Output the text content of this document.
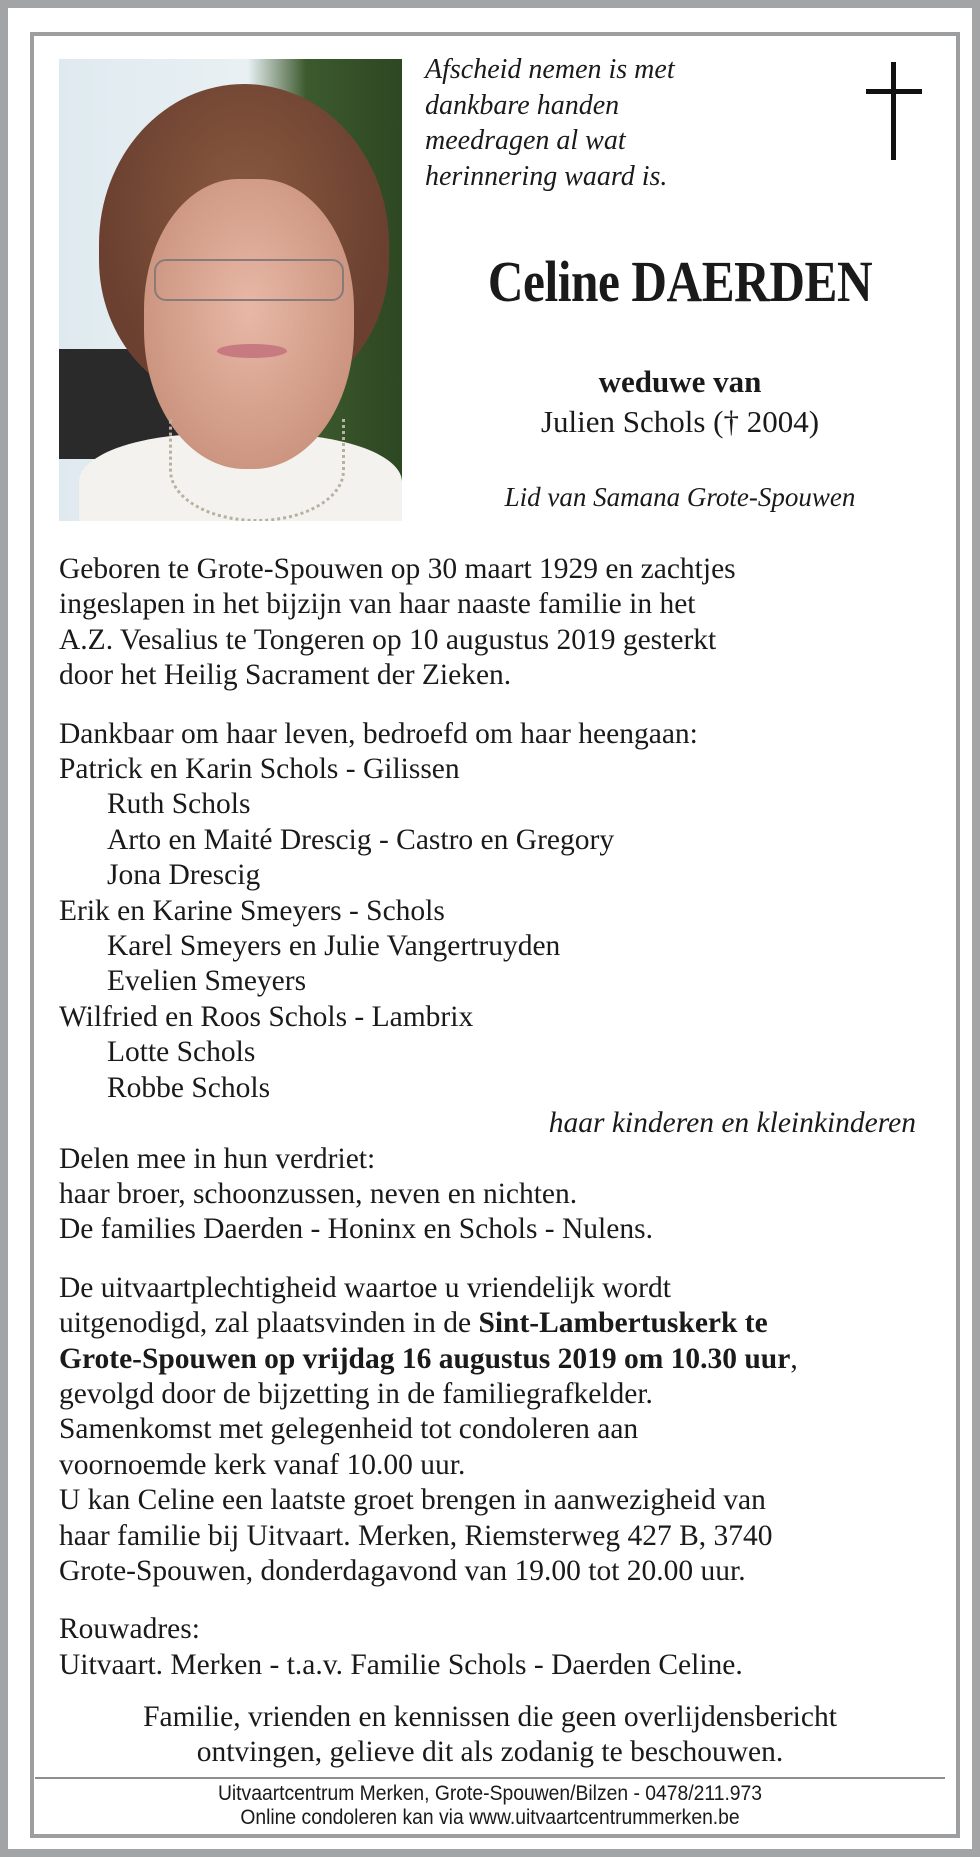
Afscheid nemen is met
dankbare handen
meedragen al wat
herinnering waard is.
Celine DAERDEN
weduwe van
Julien Schols († 2004)
Lid van Samana Grote-Spouwen

Geboren te Grote-Spouwen op 30 maart 1929 en zachtjes
ingeslapen in het bijzijn van haar naaste familie in het
A.Z. Vesalius te Tongeren op 10 augustus 2019 gesterkt
door het Heilig Sacrament der Zieken.

Dankbaar om haar leven, bedroefd om haar heengaan:
Patrick en Karin Schols - Gilissen
Ruth Schols
Arto en Maité Drescig - Castro en Gregory
Jona Drescig
Erik en Karine Smeyers - Schols
Karel Smeyers en Julie Vangertruyden
Evelien Smeyers
Wilfried en Roos Schols - Lambrix
Lotte Schols
Robbe Schols
haar kinderen en kleinkinderen
Delen mee in hun verdriet:
haar broer, schoonzussen, neven en nichten.
De families Daerden - Honinx en Schols - Nulens.

De uitvaartplechtigheid waartoe u vriendelijk wordt
uitgenodigd, zal plaatsvinden in de Sint-Lambertuskerk te
Grote-Spouwen op vrijdag 16 augustus 2019 om 10.30 uur,
gevolgd door de bijzetting in de familiegrafkelder.
Samenkomst met gelegenheid tot condoleren aan
voornoemde kerk vanaf 10.00 uur.
U kan Celine een laatste groet brengen in aanwezigheid van
haar familie bij Uitvaart. Merken, Riemsterweg 427 B, 3740
Grote-Spouwen, donderdagavond van 19.00 tot 20.00 uur.

Rouwadres:
Uitvaart. Merken - t.a.v. Familie Schols - Daerden Celine.

Familie, vrienden en kennissen die geen overlijdensbericht
ontvingen, gelieve dit als zodanig te beschouwen.
Uitvaartcentrum Merken, Grote-Spouwen/Bilzen - 0478/211.973
Online condoleren kan via www.uitvaartcentrummerken.be
